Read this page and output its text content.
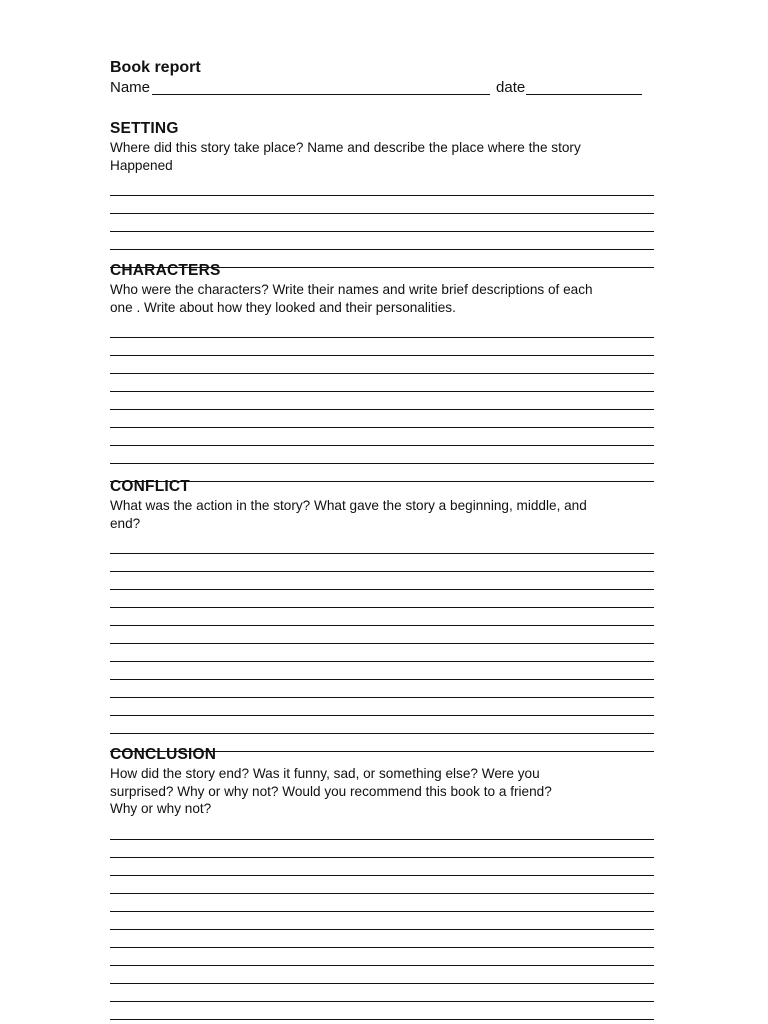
Book report
Name	date
SETTING
Where did this story take place? Name and describe the place where the story
Happened
CHARACTERS
Who were the characters? Write their names and write brief descriptions of each
one . Write about how they looked and their personalities.
CONFLICT
What was the action in the story? What gave the story a beginning, middle, and
end?
CONCLUSION
How did the story end? Was it funny, sad, or something else? Were you
surprised? Why or why not? Would you recommend this book to a friend?
Why or why not?
